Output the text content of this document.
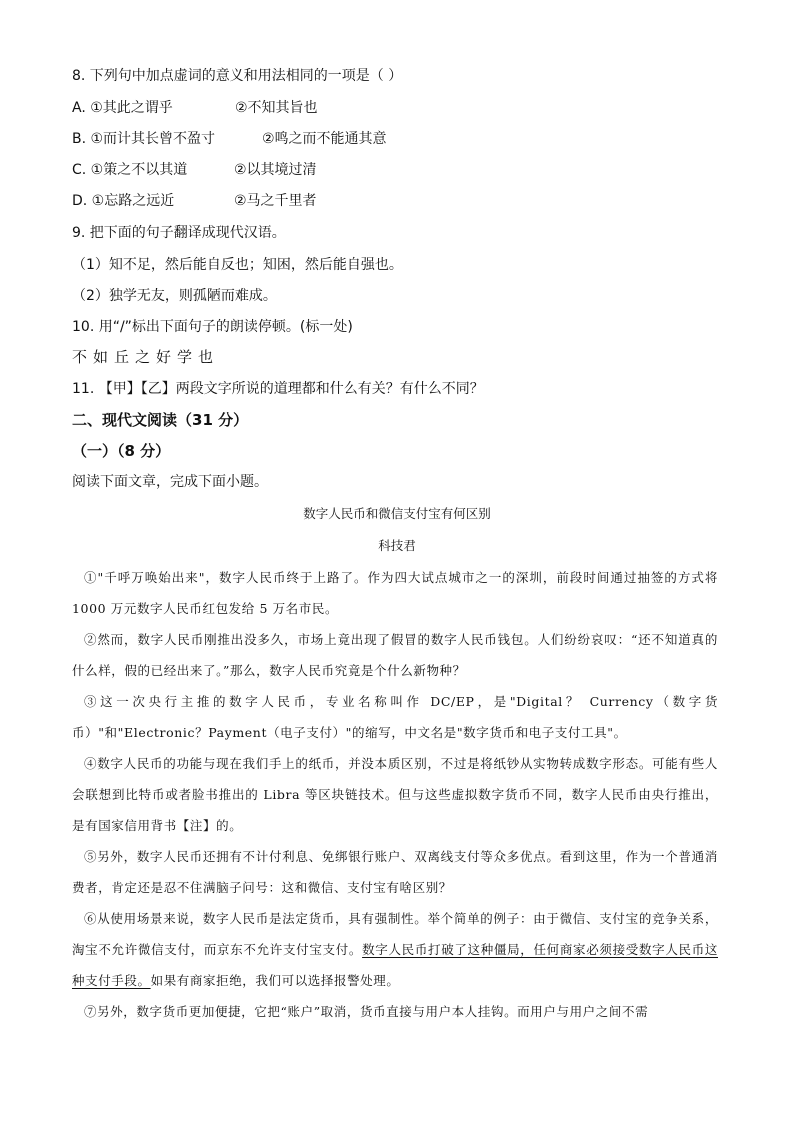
8. 下列句中加点虚词的意义和用法相同的一项是（ ）
A. ①其此之谓乎	②不知其旨也
B. ①而计其长曾不盈寸	②鸣之而不能通其意
C. ①策之不以其道	②以其境过清
D. ①忘路之远近	②马之千里者
9. 把下面的句子翻译成现代汉语。
（1）知不足，然后能自反也；知困，然后能自强也。
（2）独学无友，则孤陋而难成。
10. 用“/”标出下面句子的朗读停顿。(标一处)
不如丘之好学也
11. 【甲】【乙】两段文字所说的道理都和什么有关？有什么不同？
二、现代文阅读（31 分）
（一）（8 分）
阅读下面文章，完成下面小题。
数字人民币和微信支付宝有何区别
科技君
①"千呼万唤始出来"，数字人民币终于上路了。作为四大试点城市之一的深圳，前段时间通过抽签的方式将 1000 万元数字人民币红包发给 5 万名市民。
②然而，数字人民币刚推出没多久，市场上竟出现了假冒的数字人民币钱包。人们纷纷哀叹：“还不知道真的什么样，假的已经出来了。”那么，数字人民币究竟是个什么新物种？
③这一次央行主推的数字人民币，专业名称叫作 DC/EP，是"Digital？ Currency（数字货币）"和"Electronic？Payment（电子支付）"的缩写，中文名是"数字货币和电子支付工具"。
④数字人民币的功能与现在我们手上的纸币，并没本质区别，不过是将纸钞从实物转成数字形态。可能有些人会联想到比特币或者脸书推出的 Libra 等区块链技术。但与这些虚拟数字货币不同，数字人民币由央行推出，是有国家信用背书【注】的。
⑤另外，数字人民币还拥有不计付利息、免绑银行账户、双离线支付等众多优点。看到这里，作为一个普通消费者，肯定还是忍不住满脑子问号：这和微信、支付宝有啥区别？
⑥从使用场景来说，数字人民币是法定货币，具有强制性。举个简单的例子：由于微信、支付宝的竞争关系，淘宝不允许微信支付，而京东不允许支付宝支付。数字人民币打破了这种僵局，任何商家必须接受数字人民币这种支付手段。如果有商家拒绝，我们可以选择报警处理。
⑦另外，数字货币更加便捷，它把“账户”取消，货币直接与用户本人挂钩。而用户与用户之间不需
